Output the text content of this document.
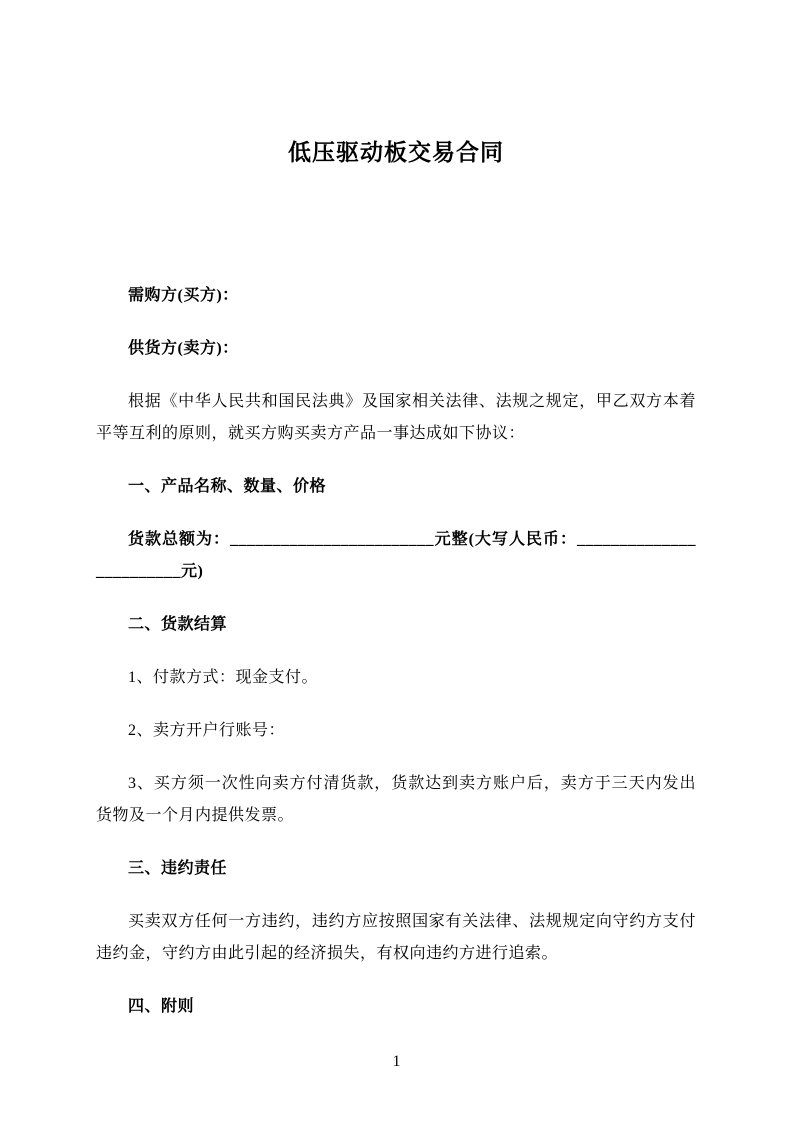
低压驱动板交易合同

需购方(买方)：

供货方(卖方)：

根据《中华人民共和国民法典》及国家相关法律、法规之规定，甲乙双方本着平等互利的原则，就买方购买卖方产品一事达成如下协议：

一、产品名称、数量、价格

货款总额为：________________________元整(大写人民币：________________________元)

二、货款结算

1、付款方式：现金支付。

2、卖方开户行账号：

3、买方须一次性向卖方付清货款，货款达到卖方账户后，卖方于三天内发出货物及一个月内提供发票。

三、违约责任

买卖双方任何一方违约，违约方应按照国家有关法律、法规规定向守约方支付违约金，守约方由此引起的经济损失，有权向违约方进行追索。

四、附则

1
